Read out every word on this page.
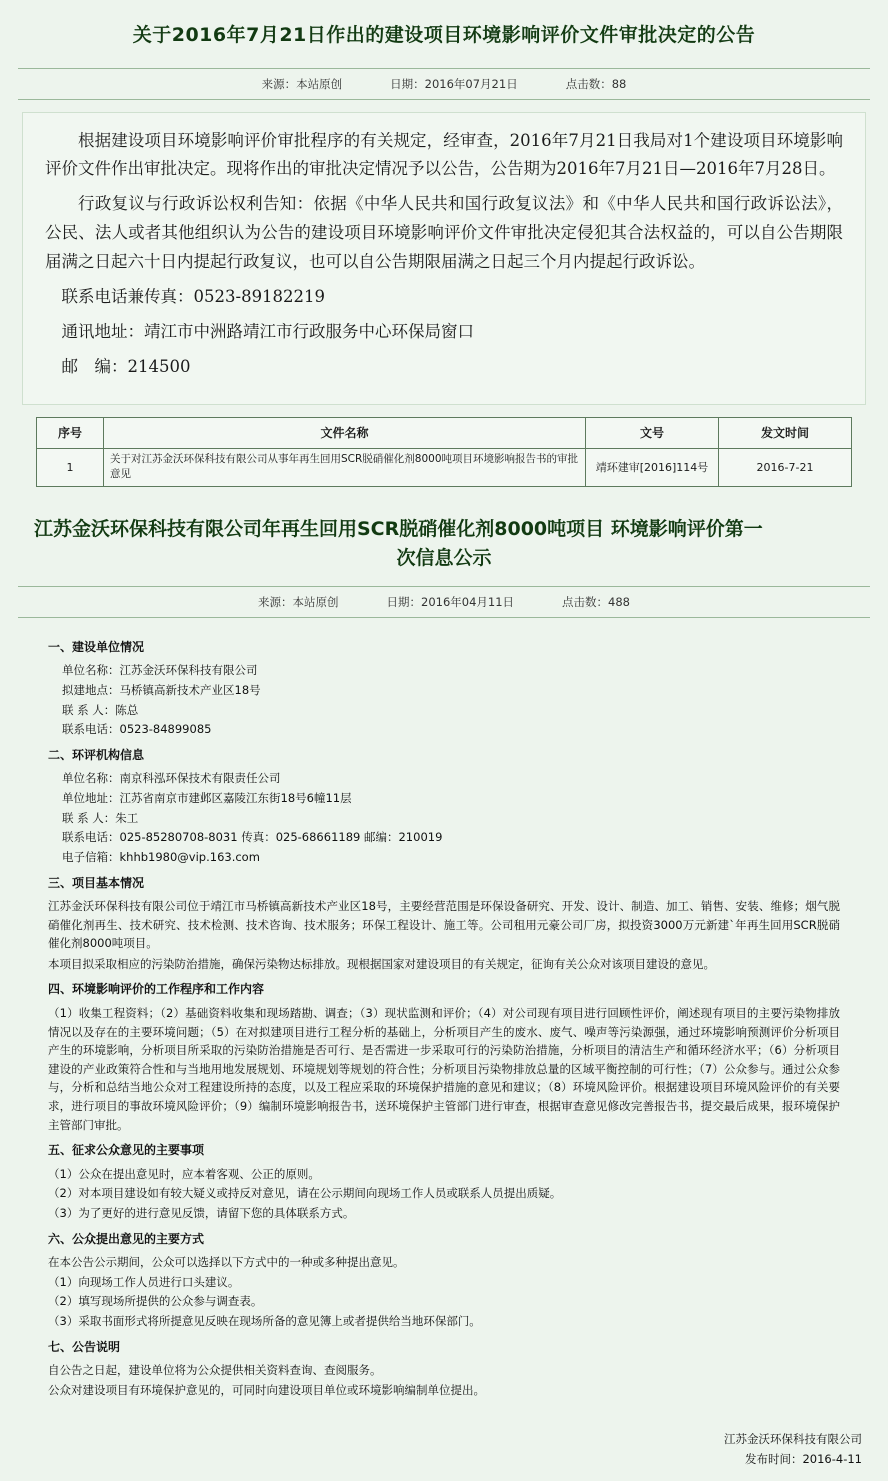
关于2016年7月21日作出的建设项目环境影响评价文件审批决定的公告
来源：本站原创	日期：2016年07月21日	点击数：88

根据建设项目环境影响评价审批程序的有关规定，经审查，2016年7月21日我局对1个建设项目环境影响评价文件作出审批决定。现将作出的审批决定情况予以公告，公告期为2016年7月21日—2016年7月28日。

行政复议与行政诉讼权利告知：依据《中华人民共和国行政复议法》和《中华人民共和国行政诉讼法》，公民、法人或者其他组织认为公告的建设项目环境影响评价文件审批决定侵犯其合法权益的，可以自公告期限届满之日起六十日内提起行政复议，也可以自公告期限届满之日起三个月内提起行政诉讼。

联系电话兼传真：0523-89182219

通讯地址：靖江市中洲路靖江市行政服务中心环保局窗口

邮　编：214500

序号	文件名称	文号	发文时间
1	关于对江苏金沃环保科技有限公司从事年再生回用SCR脱硝催化剂8000吨项目环境影响报告书的审批意见	靖环建审[2016]114号	2016-7-21
江苏金沃环保科技有限公司年再生回用SCR脱硝催化剂8000吨项目 环境影响评价第一
次信息公示
来源：本站原创	日期：2016年04月11日	点击数：488
一、建设单位情况
单位名称：江苏金沃环保科技有限公司
拟建地点：马桥镇高新技术产业区18号
联 系 人：陈总
联系电话：0523-84899085
二、环评机构信息
单位名称：南京科泓环保技术有限责任公司
单位地址：江苏省南京市建邺区嘉陵江东街18号6幢11层
联 系 人：朱工
联系电话：025-85280708-8031 传真：025-68661189 邮编：210019
电子信箱：khhb1980@vip.163.com
三、项目基本情况
江苏金沃环保科技有限公司位于靖江市马桥镇高新技术产业区18号，主要经营范围是环保设备研究、开发、设计、制造、加工、销售、安装、维修；烟气脱硝催化剂再生、技术研究、技术检测、技术咨询、技术服务；环保工程设计、施工等。公司租用元豪公司厂房，拟投资3000万元新建`年再生回用SCR脱硝催化剂8000吨项目。
本项目拟采取相应的污染防治措施，确保污染物达标排放。现根据国家对建设项目的有关规定，征询有关公众对该项目建设的意见。
四、环境影响评价的工作程序和工作内容
（1）收集工程资料；（2）基础资料收集和现场踏勘、调查；（3）现状监测和评价；（4）对公司现有项目进行回顾性评价，阐述现有项目的主要污染物排放情况以及存在的主要环境问题；（5）在对拟建项目进行工程分析的基础上，分析项目产生的废水、废气、噪声等污染源强，通过环境影响预测评价分析项目产生的环境影响，分析项目所采取的污染防治措施是否可行、是否需进一步采取可行的污染防治措施，分析项目的清洁生产和循环经济水平；（6）分析项目建设的产业政策符合性和与当地用地发展规划、环境规划等规划的符合性；分析项目污染物排放总量的区域平衡控制的可行性；（7）公众参与。通过公众参与，分析和总结当地公众对工程建设所持的态度，以及工程应采取的环境保护措施的意见和建议；（8）环境风险评价。根据建设项目环境风险评价的有关要求，进行项目的事故环境风险评价；（9）编制环境影响报告书，送环境保护主管部门进行审查，根据审查意见修改完善报告书，提交最后成果，报环境保护主管部门审批。
五、征求公众意见的主要事项
（1）公众在提出意见时，应本着客观、公正的原则。
（2）对本项目建设如有较大疑义或持反对意见，请在公示期间向现场工作人员或联系人员提出质疑。
（3）为了更好的进行意见反馈，请留下您的具体联系方式。
六、公众提出意见的主要方式
在本公告公示期间，公众可以选择以下方式中的一种或多种提出意见。
（1）向现场工作人员进行口头建议。
（2）填写现场所提供的公众参与调查表。
（3）采取书面形式将所提意见反映在现场所备的意见簿上或者提供给当地环保部门。
七、公告说明
自公告之日起，建设单位将为公众提供相关资料查询、查阅服务。
公众对建设项目有环境保护意见的，可同时向建设项目单位或环境影响编制单位提出。
江苏金沃环保科技有限公司
发布时间：2016-4-11
